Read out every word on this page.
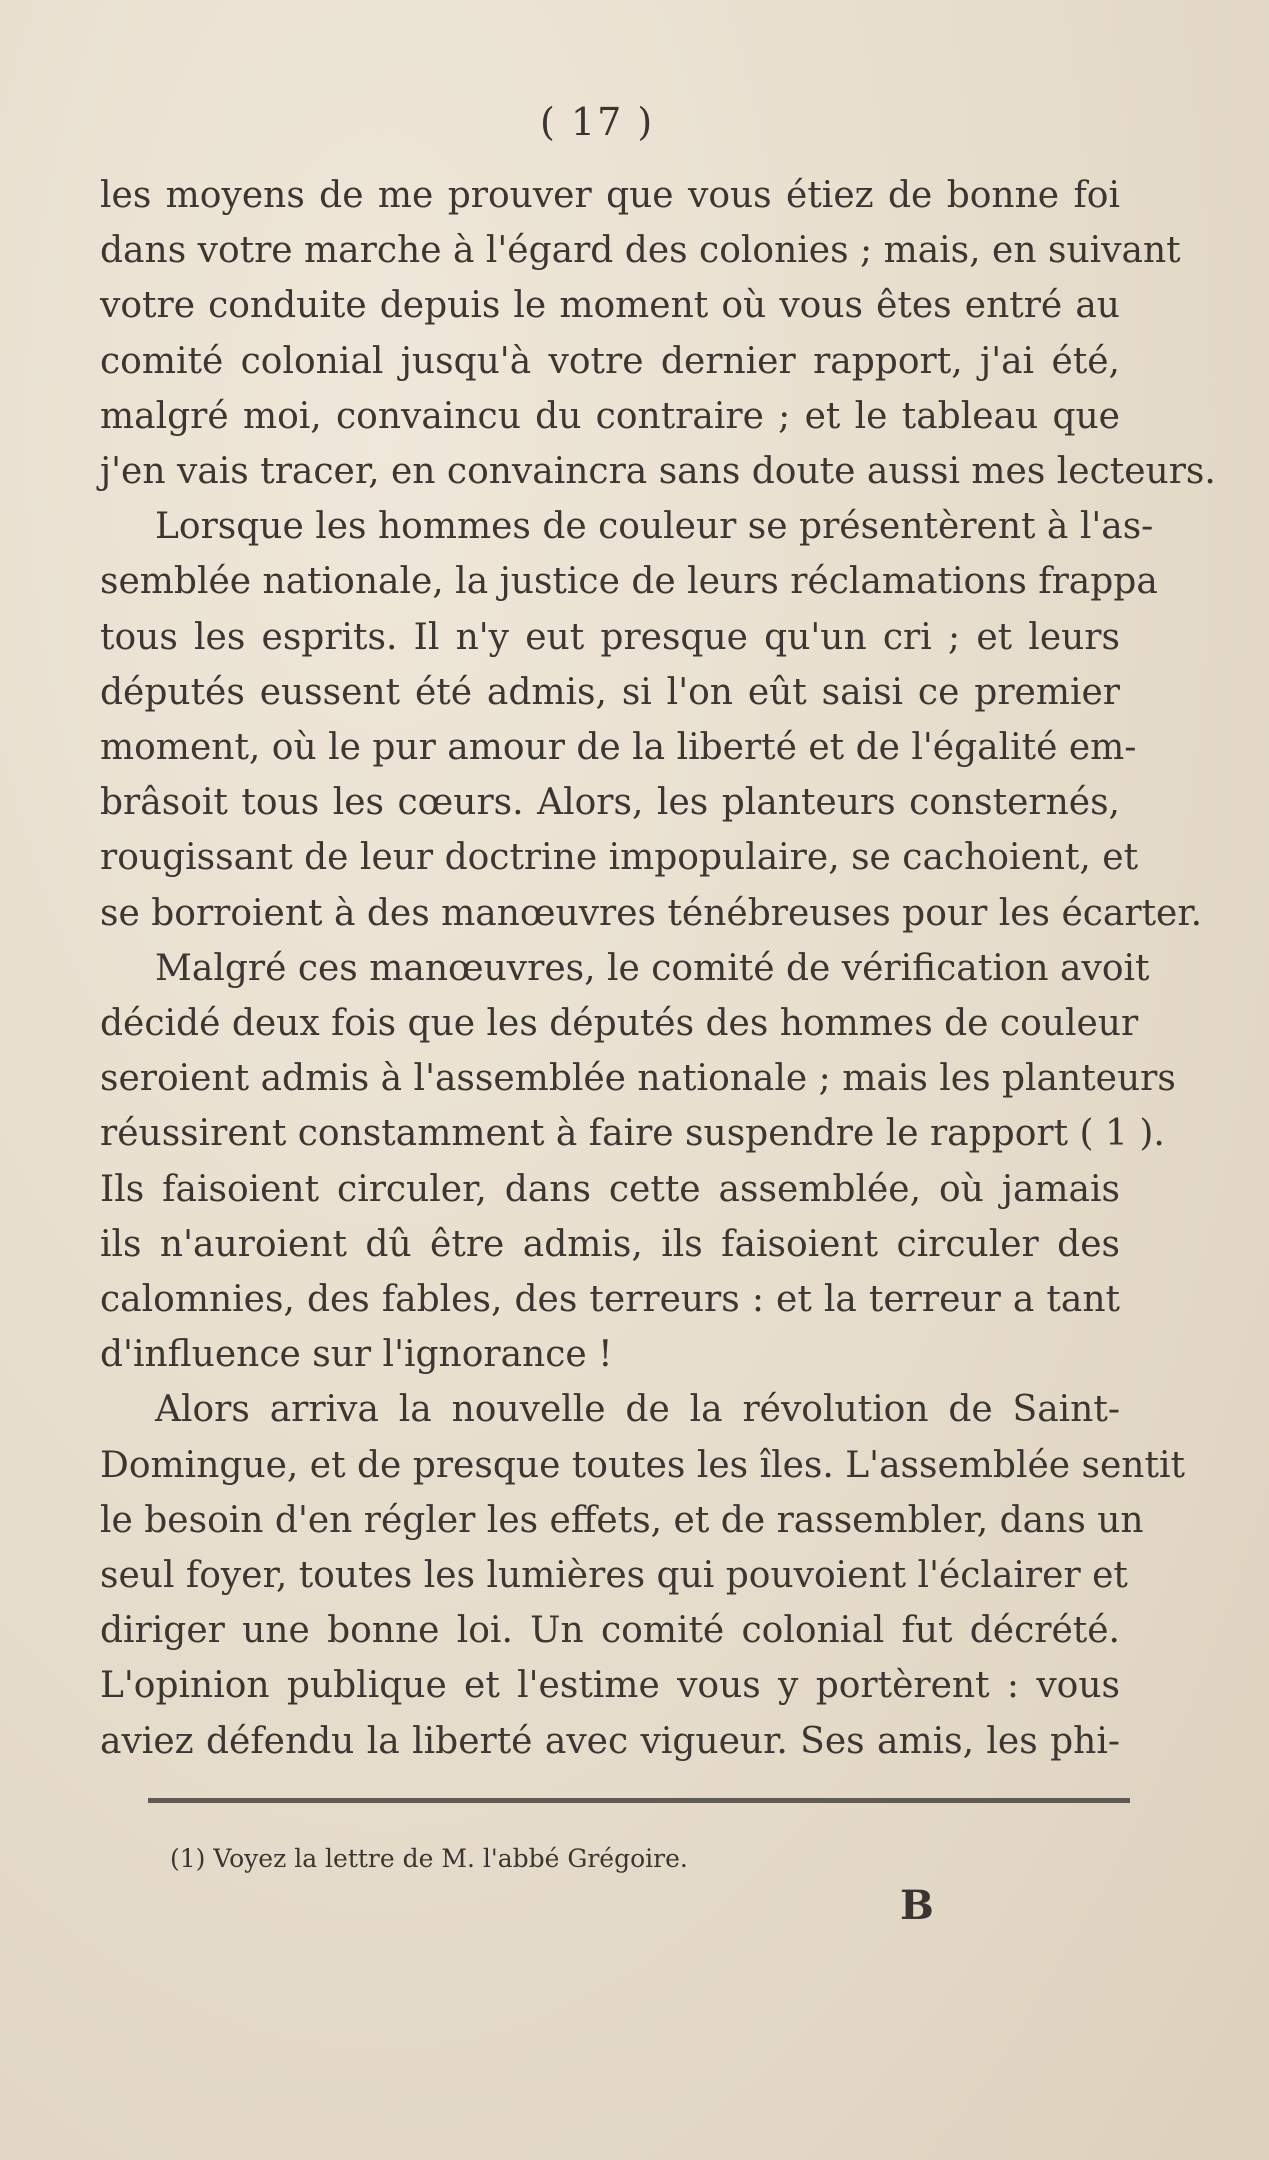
( 17 )
les moyens de me prouver que vous étiez de bonne foi
dans votre marche à l'égard des colonies ; mais, en suivant
votre conduite depuis le moment où vous êtes entré au
comité colonial jusqu'à votre dernier rapport, j'ai été,
malgré moi, convaincu du contraire ; et le tableau que
j'en vais tracer, en convaincra sans doute aussi mes lecteurs.
Lorsque les hommes de couleur se présentèrent à l'as-
semblée nationale, la justice de leurs réclamations frappa
tous les esprits. Il n'y eut presque qu'un cri ; et leurs
députés eussent été admis, si l'on eût saisi ce premier
moment, où le pur amour de la liberté et de l'égalité em-
brâsoit tous les cœurs. Alors, les planteurs consternés,
rougissant de leur doctrine impopulaire, se cachoient, et
se borroient à des manœuvres ténébreuses pour les écarter.
Malgré ces manœuvres, le comité de vérification avoit
décidé deux fois que les députés des hommes de couleur
seroient admis à l'assemblée nationale ; mais les planteurs
réussirent constamment à faire suspendre le rapport ( 1 ).
Ils faisoient circuler, dans cette assemblée, où jamais
ils n'auroient dû être admis, ils faisoient circuler des
calomnies, des fables, des terreurs : et la terreur a tant
d'influence sur l'ignorance !
Alors arriva la nouvelle de la révolution de Saint-
Domingue, et de presque toutes les îles. L'assemblée sentit
le besoin d'en régler les effets, et de rassembler, dans un
seul foyer, toutes les lumières qui pouvoient l'éclairer et
diriger une bonne loi. Un comité colonial fut décrété.
L'opinion publique et l'estime vous y portèrent : vous
aviez défendu la liberté avec vigueur. Ses amis, les phi-
(1) Voyez la lettre de M. l'abbé Grégoire.
B
